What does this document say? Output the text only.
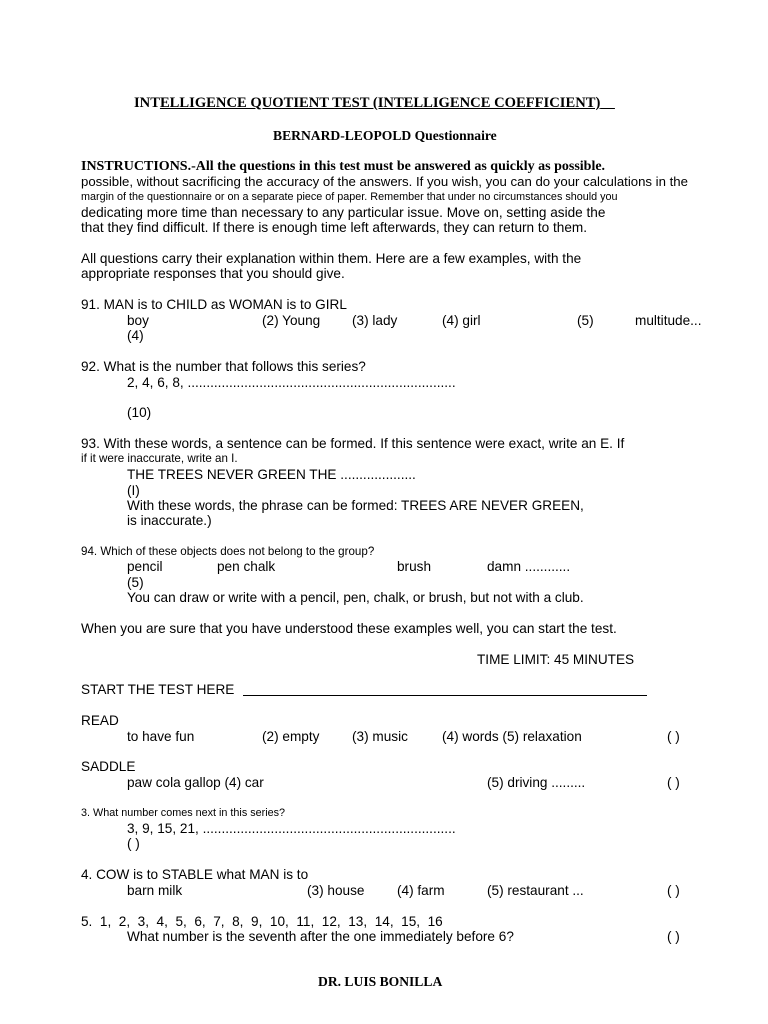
INTELLIGENCE QUOTIENT TEST (INTELLIGENCE COEFFICIENT)
BERNARD-LEOPOLD Questionnaire
INSTRUCTIONS.-All the questions in this test must be answered as quickly as possible.
possible, without sacrificing the accuracy of the answers. If you wish, you can do your calculations in the
margin of the questionnaire or on a separate piece of paper. Remember that under no circumstances should you
dedicating more time than necessary to any particular issue. Move on, setting aside the
that they find difficult. If there is enough time left afterwards, they can return to them.
All questions carry their explanation within them. Here are a few examples, with the
appropriate responses that you should give.
91. MAN is to CHILD as WOMAN is to GIRL
boy	(2) Young (3) lady	(4) girl	(5)	multitude...
(4)
92. What is the number that follows this series?
2, 4, 6, 8, .......................................................................
(10)
93. With these words, a sentence can be formed. If this sentence were exact, write an E. If
if it were inaccurate, write an I.
THE TREES NEVER GREEN THE ....................
(I)
With these words, the phrase can be formed: TREES ARE NEVER GREEN,
is inaccurate.)
94. Which of these objects does not belong to the group?
pencil	pen chalk	brush	damn ............
(5)
You can draw or write with a pencil, pen, chalk, or brush, but not with a club.
When you are sure that you have understood these examples well, you can start the test.
TIME LIMIT: 45 MINUTES
START THE TEST HERE
READ
to have fun	(2) empty (3) music	(4) words (5) relaxation	( )
SADDLE
paw cola gallop (4) car	(5) driving .........	( )
3. What number comes next in this series?
3, 9, 15, 21, ...................................................................
( )
4. COW is to STABLE what MAN is to
barn milk	(3) house (4) farm	(5) restaurant ...	( )
5.  1,  2,  3,  4,  5,  6,  7,  8,  9,  10,  11,  12,  13,  14,  15,  16
What number is the seventh after the one immediately before 6?	( )
DR. LUIS BONILLA
